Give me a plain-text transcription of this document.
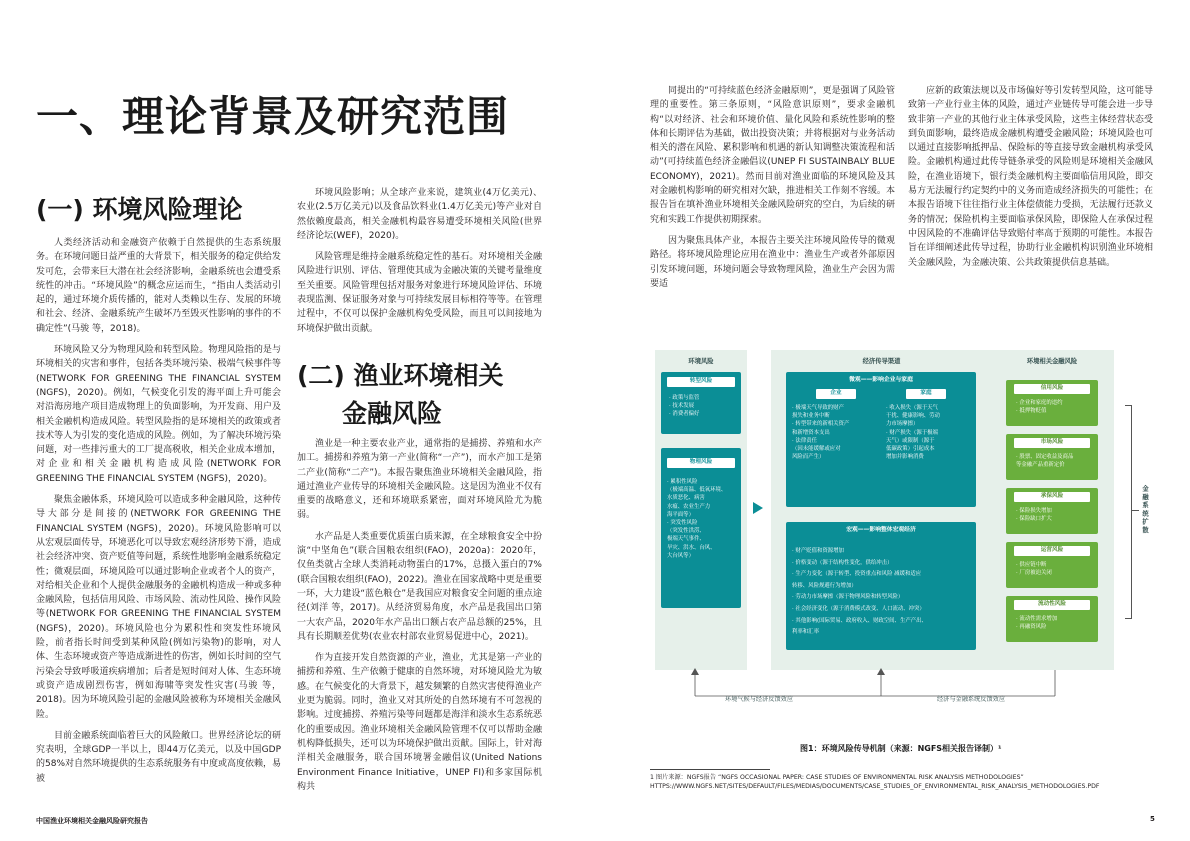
一、理论背景及研究范围
(一) 环境风险理论

人类经济活动和金融资产依赖于自然提供的生态系统服务。在环境问题日益严重的大背景下，相关服务的稳定供给发发可危，会带来巨大潜在社会经济影响，金融系统也会遭受系统性的冲击。“环境风险”的概念应运而生，“指由人类活动引起的，通过环境介质传播的，能对人类赖以生存、发展的环境和社会、经济、金融系统产生破坏乃至毁灭性影响的事件的不确定性”(马骏 等，2018)。

环境风险又分为物理风险和转型风险。物理风险指的是与环境相关的灾害和事件，包括各类环境污染、极端气候事件等(NETWORK FOR GREENING THE FINANCIAL SYSTEM (NGFS)，2020)。例如，气候变化引发的海平面上升可能会对沿海房地产项目造成物理上的负面影响，为开发商、用户及相关金融机构造成风险。转型风险指的是环境相关的政策或者技术等人为引发的变化造成的风险。例如，为了解决环境污染问题，对一些排污重大的工厂提高税收，相关企业成本增加，对企业和相关金融机构造成风险(NETWORK FOR GREENING THE FINANCIAL SYSTEM (NGFS)，2020)。

聚焦金融体系，环境风险可以造成多种金融风险，这种传导大部分是间接的(NETWORK FOR GREENING THE FINANCIAL SYSTEM (NGFS)，2020)。环境风险影响可以从宏观层面传导，环境恶化可以导致宏观经济形势下滑，造成社会经济冲突、资产贬值等问题，系统性地影响金融系统稳定性；微观层面，环境风险可以通过影响企业或者个人的资产，对给相关企业和个人提供金融服务的金融机构造成一种或多种金融风险，包括信用风险、市场风险、流动性风险、操作风险等(NETWORK FOR GREENING THE FINANCIAL SYSTEM (NGFS)，2020)。环境风险也分为累积性和突发性环境风险，前者指长时间受到某种风险(例如污染物)的影响，对人体、生态环境或资产等造成渐进性的伤害，例如长时间的空气污染会导致呼吸道疾病增加；后者是短时间对人体、生态环境或资产造成剧烈伤害，例如海啸等突发性灾害(马骏 等，2018)。因为环境风险引起的金融风险被称为环境相关金融风险。

目前金融系统面临着巨大的风险敞口。世界经济论坛的研究表明，全球GDP一半以上，即44万亿美元，以及中国GDP的58%对自然环境提供的生态系统服务有中度或高度依赖，易被

环境风险影响；从全球产业来说，建筑业(4万亿美元)、农业(2.5万亿美元)以及食品饮料业(1.4万亿美元)等产业对自然依赖度最高，相关金融机构最容易遭受环境相关风险(世界经济论坛(WEF)，2020)。

风险管理是维持金融系统稳定性的基石。对环境相关金融风险进行识别、评估、管理使其成为金融决策的关键考量维度至关重要。风险管理包括对服务对象进行环境风险评估、环境表现监测、保证服务对象与可持续发展目标相符等等。在管理过程中，不仅可以保护金融机构免受风险，而且可以间接地为环境保护做出贡献。

(二) 渔业环境相关
金融风险

渔业是一种主要农业产业，通常指的是捕捞、养殖和水产加工。捕捞和养殖为第一产业(简称“一产”)，而水产加工是第二产业(简称“二产”)。本报告聚焦渔业环境相关金融风险，指通过渔业产业传导的环境相关金融风险。这是因为渔业不仅有重要的战略意义，还和环境联系紧密，面对环境风险尤为脆弱。

水产品是人类重要优质蛋白质来源，在全球粮食安全中扮演“中坚角色”(联合国粮农组织(FAO)，2020a)：2020年，仅鱼类就占全球人类消耗动物蛋白的17%，总摄入蛋白的7%(联合国粮农组织(FAO)，2022)。渔业在国家战略中更是重要一环，大力建设“蓝色粮仓”是我国应对粮食安全问题的重点途径(刘洋 等，2017)。从经济贸易角度，水产品是我国出口第一大农产品，2020年水产品出口额占农产品总额的25%，且具有长期顺差优势(农业农村部农业贸易促进中心，2021)。

作为直接开发自然资源的产业，渔业，尤其是第一产业的捕捞和养殖、生产依赖于健康的自然环境，对环境风险尤为敏感。在气候变化的大背景下，越发频繁的自然灾害使得渔业产业更为脆弱。同时，渔业又对其所处的自然环境有不可忽视的影响。过度捕捞、养殖污染等问题都是海洋和淡水生态系统恶化的重要成因。渔业环境相关金融风险管理不仅可以帮助金融机构降低损失，还可以为环境保护做出贡献。国际上，针对海洋相关金融服务，联合国环境署金融倡议(United Nations Environment Finance Initiative，UNEP FI)和多家国际机构共

同提出的“可持续蓝色经济金融原则”，更是强调了风险管理的重要性。第三条原则，“风险意识原则”，要求金融机构“以对经济、社会和环境价值、量化风险和系统性影响的整体和长期评估为基础，做出投资决策；并将根据对与业务活动相关的潜在风险、累积影响和机遇的新认知调整决策流程和活动”(可持续蓝色经济金融倡议(UNEP FI SUSTAINBALY BLUE ECONOMY)，2021)。然而目前对渔业面临的环境风险及其对金融机构影响的研究相对欠缺，推进相关工作刻不容缓。本报告旨在填补渔业环境相关金融风险研究的空白，为后续的研究和实践工作提供初期探索。

因为聚焦具体产业，本报告主要关注环境风险传导的微观路径。将环境风险理论应用在渔业中：渔业生产或者外部原因引发环境问题，环境问题会导致物理风险，渔业生产会因为需要适

应新的政策法规以及市场偏好等引发转型风险，这可能导致第一产业行业主体的风险，通过产业链传导可能会进一步导致非第一产业的其他行业主体承受风险，这些主体经营状态受到负面影响，最终造成金融机构遭受金融风险；环境风险也可以通过直接影响抵押品、保险标的等直接导致金融机构承受风险。金融机构通过此传导链条承受的风险则是环境相关金融风险，在渔业语境下，银行类金融机构主要面临信用风险，即交易方无法履行约定契约中的义务而造成经济损失的可能性；在本报告语境下往往指行业主体偿债能力受损，无法履行还款义务的情况；保险机构主要面临承保风险，即保险人在承保过程中因风险的不准确评估导致赔付率高于预期的可能性。本报告旨在详细阐述此传导过程，协助行业金融机构识别渔业环境相关金融风险，为金融决策、公共政策提供信息基础。

环境风险
转型风险
· 政策与监管
· 技术发展
· 消费者偏好
物理风险
· 累积性风险
（极端高温、低氧环境、
水质恶化、病害
水瘟、农业生产力
海平面等）
· 突发性风险
（突发性洪涝、
极端天气事件、
旱灾、洪水、台风、
大台风等）
经济传导渠道
微观——影响企业与家庭
企业	家庭
· 极端天气导致的财产
损失和业务中断
· 转型带来的新相关资产
和新增资本支出
· 法律责任
（因未能缓解或应对
风险而产生）
· 收入损失（源于天气
干扰、健康影响、劳动
力市场摩擦）
· 财产损失（源于极端
天气）或限制（源于
低碳政策）引起成本
增加并影响消费
宏观——影响整体宏观经济
· 财产贬值和资源增加
· 价格变动（源于结构性变化，供给冲击）
· 生产力变化（源于转型、投资重点和风险 减缓和适应
转移、风险规避行为增加）
· 劳动力市场摩擦（源于物理风险和转型风险）
· 社会经济变化（源于消费模式改变、人口流动、冲突）
· 其他影响(国际贸易、政府收入、财政空间、生产产出、
利率和汇率
环境相关金融风险
信用风险
· 企业和家庭的违约
· 抵押物贬值
市场风险
· 股票、固定收益及商品
等金融产品重新定价
承保风险
· 保险损失增加
· 保险缺口扩大
运营风险
· 供应链中断
· 厂房被迫关闭
流动性风险
· 流动性需求增加
· 再融资风险
金融系统扩散
环境气候与经济反馈效应	经济与金融系统反馈效应
图1：环境风险传导机制（来源：NGFS相关报告译制）¹
1 图片来源：NGFS报告 “NGFS OCCASIONAL PAPER: CASE STUDIES OF ENVIRONMENTAL RISK ANALYSIS METHODOLOGIES” HTTPS://WWW.NGFS.NET/SITES/DEFAULT/FILES/MEDIAS/DOCUMENTS/CASE_STUDIES_OF_ENVIRONMENTAL_RISK_ANALYSIS_METHODOLOGIES.PDF
中国渔业环境相关金融风险研究报告	5
